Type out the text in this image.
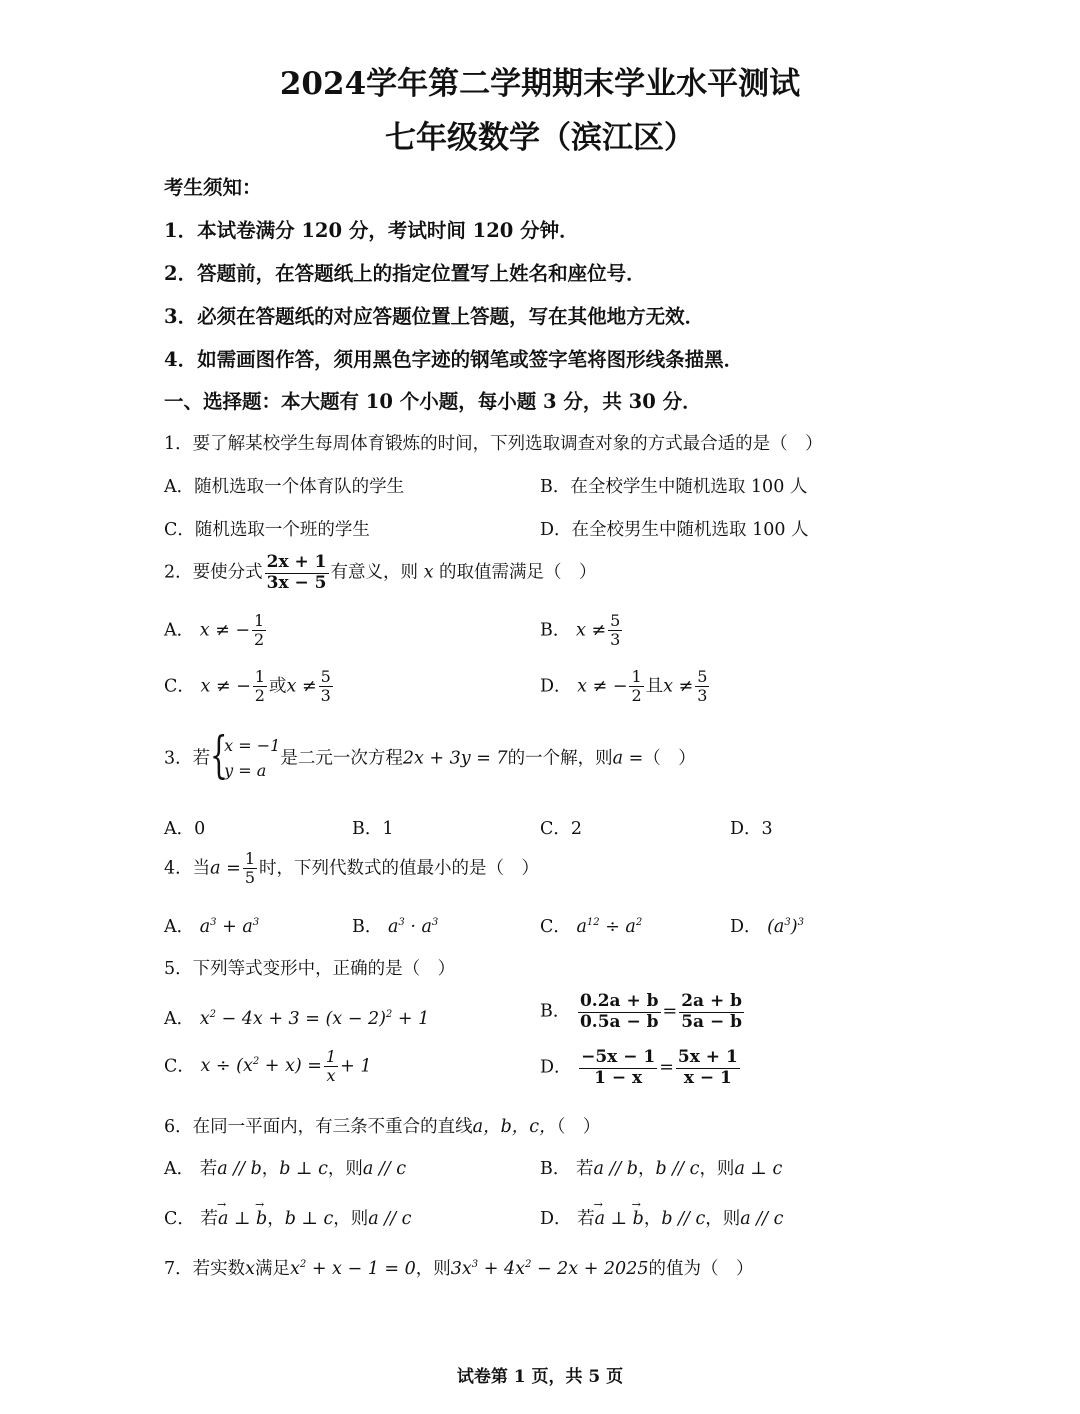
2024学年第二学期期末学业水平测试
七年级数学（滨江区）
考生须知：
1．本试卷满分 120 分，考试时间 120 分钟．
2．答题前，在答题纸上的指定位置写上姓名和座位号．
3．必须在答题纸的对应答题位置上答题，写在其他地方无效．
4．如需画图作答，须用黑色字迹的钢笔或签字笔将图形线条描黑．
一、选择题：本大题有 10 个小题，每小题 3 分，共 30 分．
1．要了解某校学生每周体育锻炼的时间，下列选取调查对象的方式最合适的是（　）
A．随机选取一个体育队的学生	B．在全校学生中随机选取 100 人
C．随机选取一个班的学生	D．在全校男生中随机选取 100 人
2．要使分式 $\frac{2x + 1}{3x - 5}$ 有意义，则 x 的取值需满足（　）
A． x ≠ − $\frac{1}{2}$	B． $x \ne \frac{5}{3}$
C． x ≠ − $\frac{1}{2}$ 或$x \ne \frac{5}{3}$	D． x ≠ − $\frac{1}{2}$ 且$x \ne \frac{5}{3}$
3．若 {
x = −1
y = a
是二元一次方程2x + 3y = 7的一个解，则a =（　）
A．0	B．1	C．2	D．3
4．当$a = \frac{1}{5}$ 时，下列代数式的值最小的是（　）
A． $a^3 + a^3$	B． $a^3 \cdot a^3$	C． $a^{12} \div a^2$	D． $(a^3)^3$
5．下列等式变形中，正确的是（　）
A． $x^2 - 4x + 3 = (x - 2)^2 + 1$	B． $\frac{0.2a + b}{0.5a - b} = \frac{2a + b}{5a - b}$
C． $x \div (x^2 + x) = \frac{1}{x} + 1$	D． $\frac{-5x - 1}{1 - x} = \frac{5x + 1}{x - 1}$
6．在同一平面内，有三条不重合的直线a，b，c，（　）
A． 若a // b，b ⊥ c，则a // c	B． 若a // b，b // c，则a ⊥ c
C． 若→ a ⊥ → b，b ⊥ c，则a // c	D． 若→ a ⊥ → b，b // c，则a // c
7．若实数x满足$x^2 + x - 1 = 0$，则$3x^3 + 4x^2 - 2x + 2025$的值为（　）
试卷第 1 页，共 5 页
